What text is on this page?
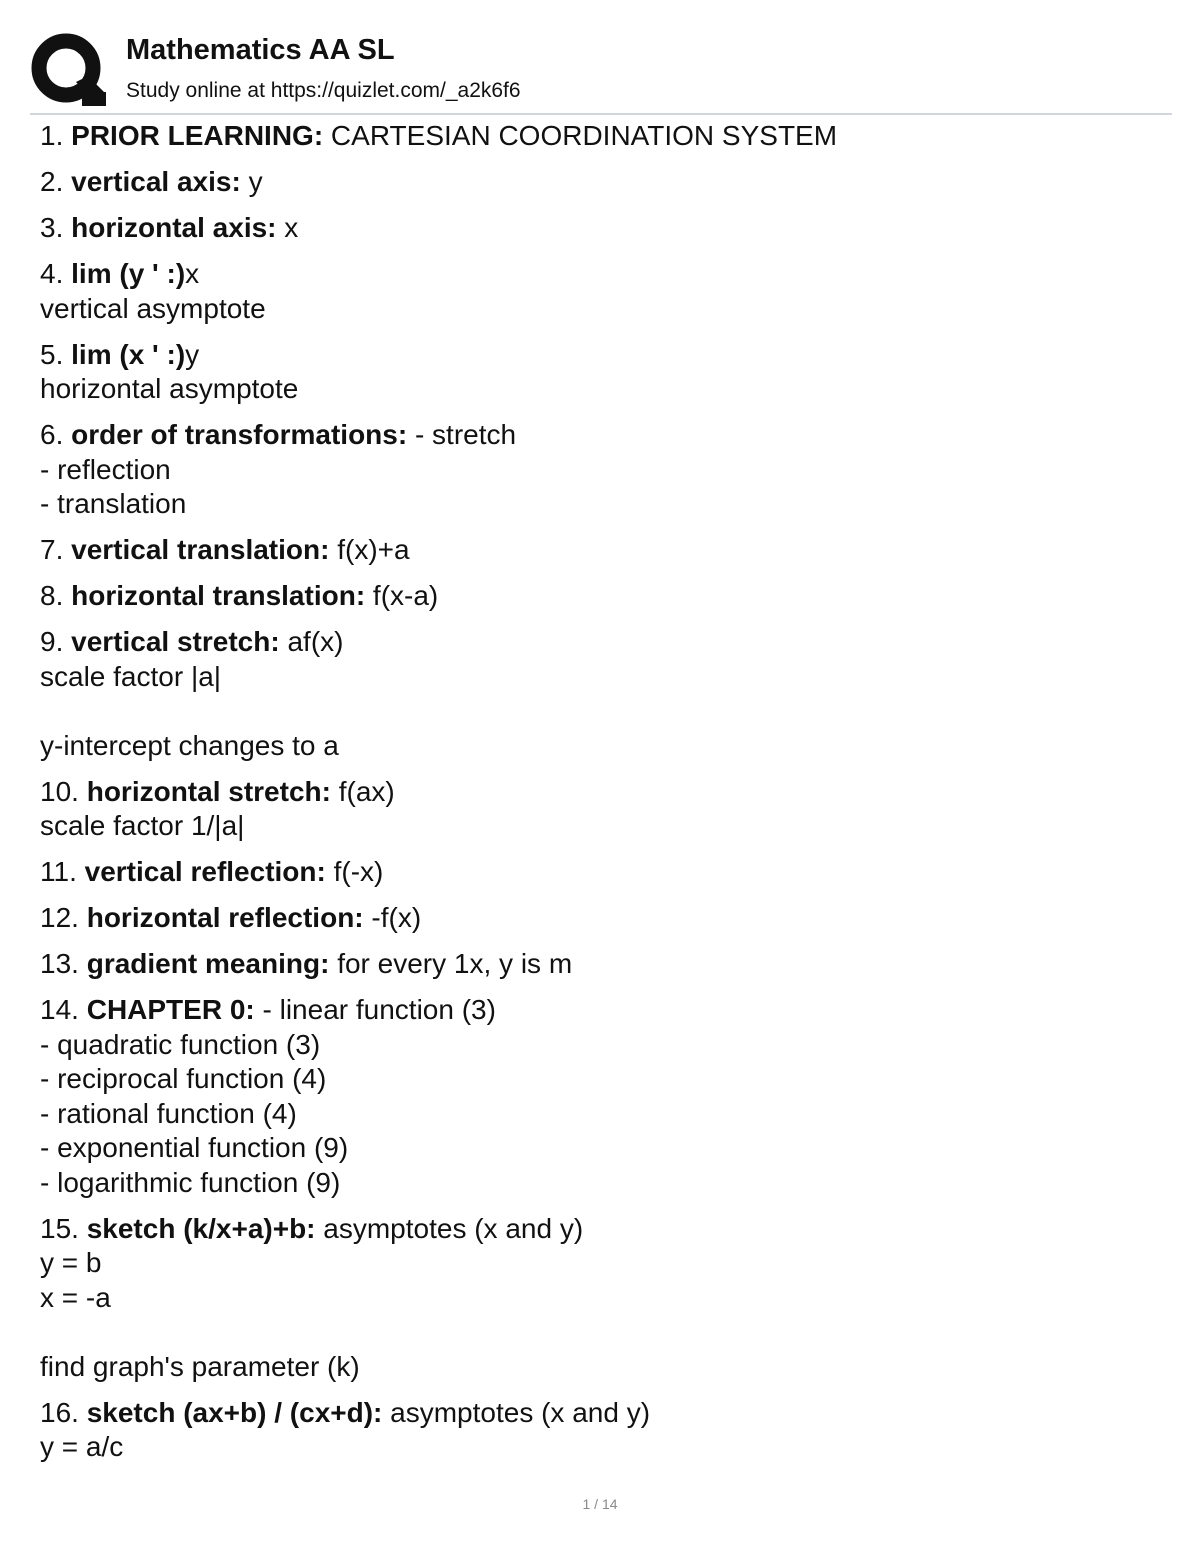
Mathematics AA SL
Study online at https://quizlet.com/_a2k6f6
1. PRIOR LEARNING: CARTESIAN COORDINATION SYSTEM
2. vertical axis: y
3. horizontal axis: x
4. lim (y ' :)x
vertical asymptote
5. lim (x ' :)y
horizontal asymptote
6. order of transformations: - stretch
- reflection
- translation
7. vertical translation: f(x)+a
8. horizontal translation: f(x-a)
9. vertical stretch: af(x)
scale factor |a|
y-intercept changes to a
10. horizontal stretch: f(ax)
scale factor 1/|a|
11. vertical reflection: f(-x)
12. horizontal reflection: -f(x)
13. gradient meaning: for every 1x, y is m
14. CHAPTER 0: - linear function (3)
- quadratic function (3)
- reciprocal function (4)
- rational function (4)
- exponential function (9)
- logarithmic function (9)
15. sketch (k/x+a)+b: asymptotes (x and y)
y = b
x = -a
find graph's parameter (k)
16. sketch (ax+b) / (cx+d): asymptotes (x and y)
y = a/c
1 / 14
